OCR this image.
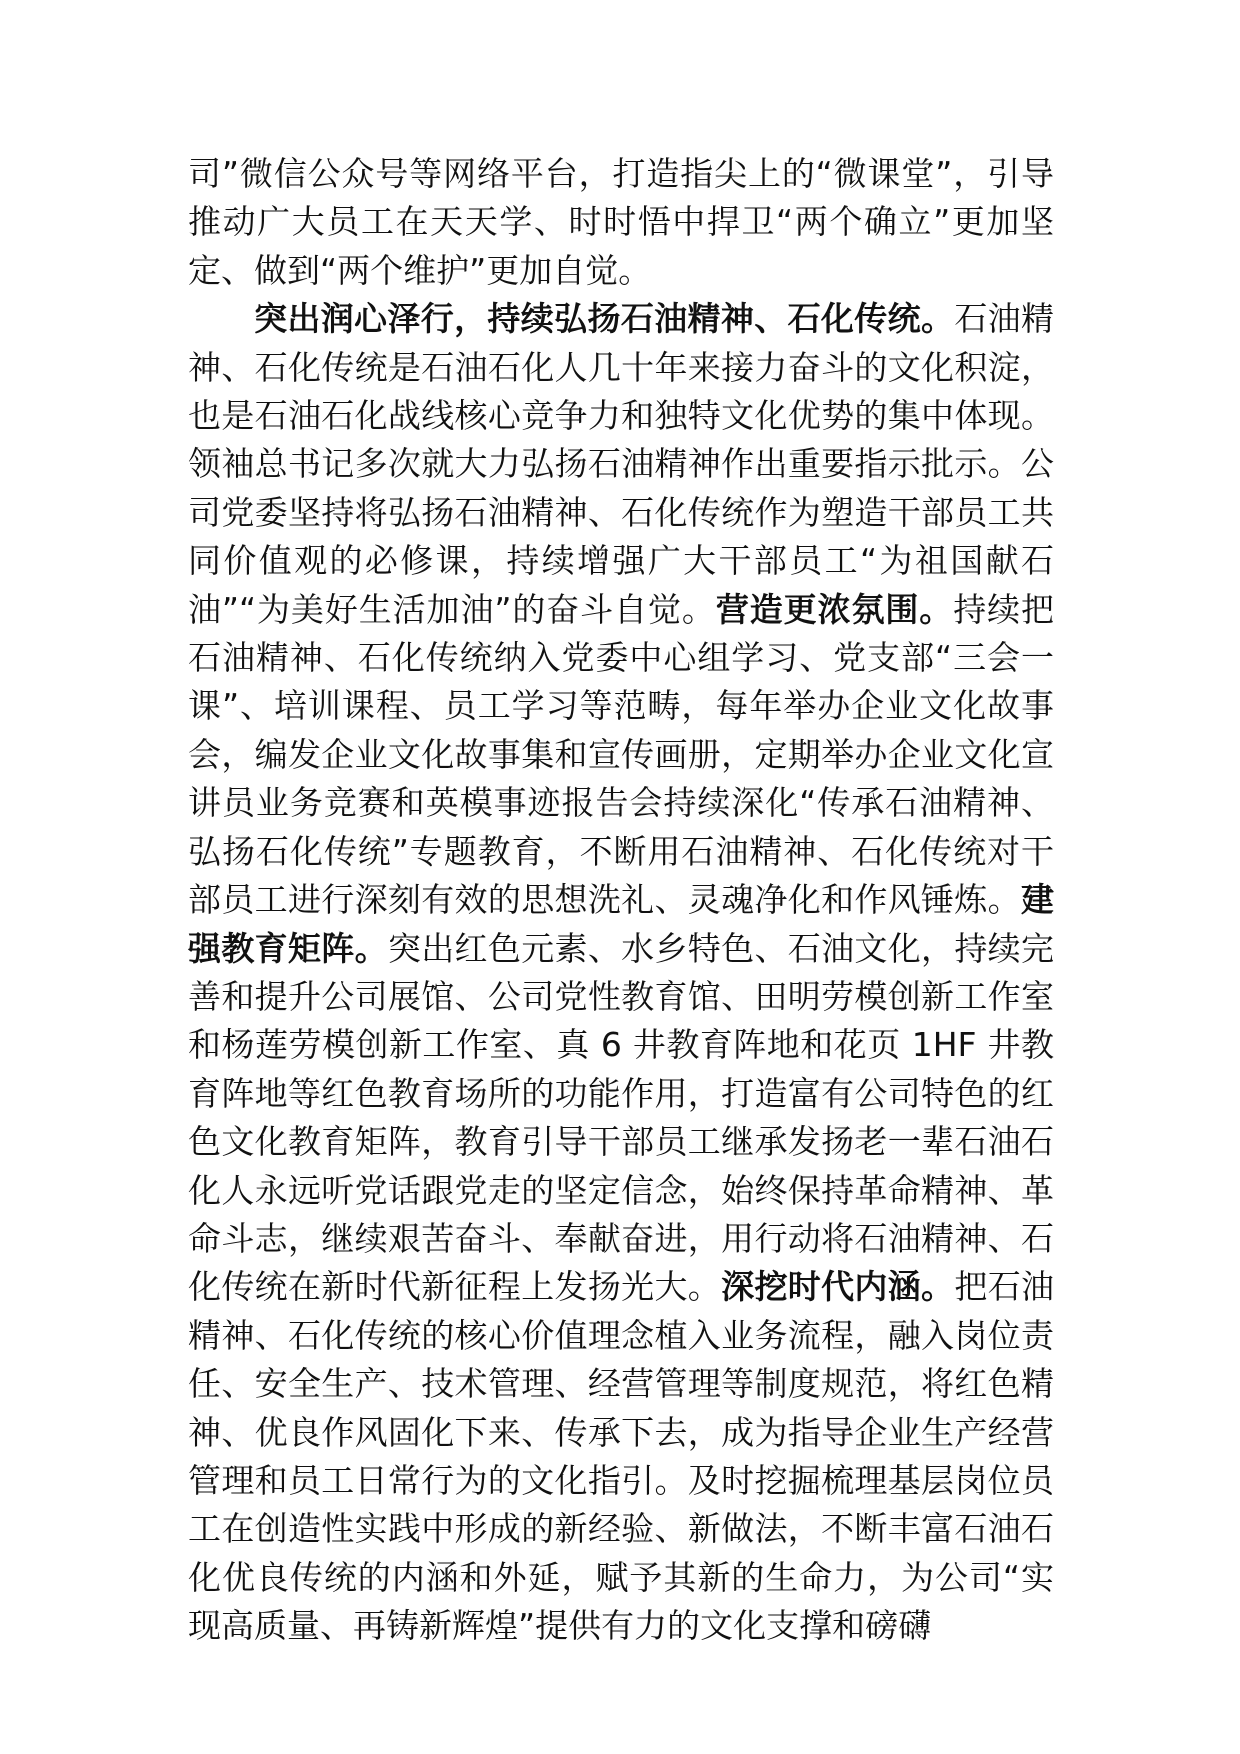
司”微信公众号等网络平台，打造指尖上的“微课堂”，引导推动广大员工在天天学、时时悟中捍卫“两个确立”更加坚定、做到“两个维护”更加自觉。

突出润心泽行，持续弘扬石油精神、石化传统。石油精神、石化传统是石油石化人几十年来接力奋斗的文化积淀，也是石油石化战线核心竞争力和独特文化优势的集中体现。领袖总书记多次就大力弘扬石油精神作出重要指示批示。公司党委坚持将弘扬石油精神、石化传统作为塑造干部员工共同价值观的必修课，持续增强广大干部员工“为祖国献石油”“为美好生活加油”的奋斗自觉。营造更浓氛围。持续把石油精神、石化传统纳入党委中心组学习、党支部“三会一课”、培训课程、员工学习等范畴，每年举办企业文化故事会，编发企业文化故事集和宣传画册，定期举办企业文化宣讲员业务竞赛和英模事迹报告会持续深化“传承石油精神、弘扬石化传统”专题教育，不断用石油精神、石化传统对干部员工进行深刻有效的思想洗礼、灵魂净化和作风锤炼。建强教育矩阵。突出红色元素、水乡特色、石油文化，持续完善和提升公司展馆、公司党性教育馆、田明劳模创新工作室和杨莲劳模创新工作室、真 6 井教育阵地和花页 1HF 井教育阵地等红色教育场所的功能作用，打造富有公司特色的红色文化教育矩阵，教育引导干部员工继承发扬老一辈石油石化人永远听党话跟党走的坚定信念，始终保持革命精神、革命斗志，继续艰苦奋斗、奉献奋进，用行动将石油精神、石化传统在新时代新征程上发扬光大。深挖时代内涵。把石油精神、石化传统的核心价值理念植入业务流程，融入岗位责任、安全生产、技术管理、经营管理等制度规范，将红色精神、优良作风固化下来、传承下去，成为指导企业生产经营管理和员工日常行为的文化指引。及时挖掘梳理基层岗位员工在创造性实践中形成的新经验、新做法，不断丰富石油石化优良传统的内涵和外延，赋予其新的生命力，为公司“实现高质量、再铸新辉煌”提供有力的文化支撑和磅礴
